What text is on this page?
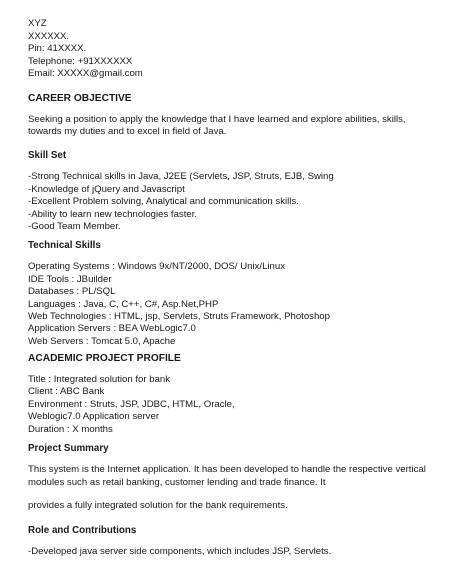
XYZ
XXXXXX.
Pin: 41XXXX.
Telephone: +91XXXXXX
Email: XXXXX@gmail.com
CAREER OBJECTIVE
Seeking a position to apply the knowledge that I have learned and explore abilities, skills,
towards my duties and to excel in field of Java.
Skill Set
-Strong Technical skills in Java, J2EE (Servlets, JSP, Struts, EJB, Swing
-Knowledge of jQuery and Javascript
-Excellent Problem solving, Analytical and communication skills.
-Ability to learn new technologies faster.
-Good Team Member.
Technical Skills
Operating Systems : Windows 9x/NT/2000, DOS/ Unix/Linux
IDE Tools : JBuilder
Databases : PL/SQL
Languages : Java, C, C++, C#, Asp.Net,PHP
Web Technologies : HTML, jsp, Servlets, Struts Framework, Photoshop
Application Servers : BEA WebLogic7.0
Web Servers : Tomcat 5.0, Apache
ACADEMIC PROJECT PROFILE
Title : Integrated solution for bank
Client : ABC Bank
Environment : Struts, JSP, JDBC, HTML, Oracle,
Weblogic7.0 Application server
Duration : X months
Project Summary
This system is the Internet application. It has been developed to handle the respective vertical
modules such as retail banking, customer lending and trade finance. It
provides a fully integrated solution for the bank requirements.
Role and Contributions
-Developed java server side components, which includes JSP, Servlets.
